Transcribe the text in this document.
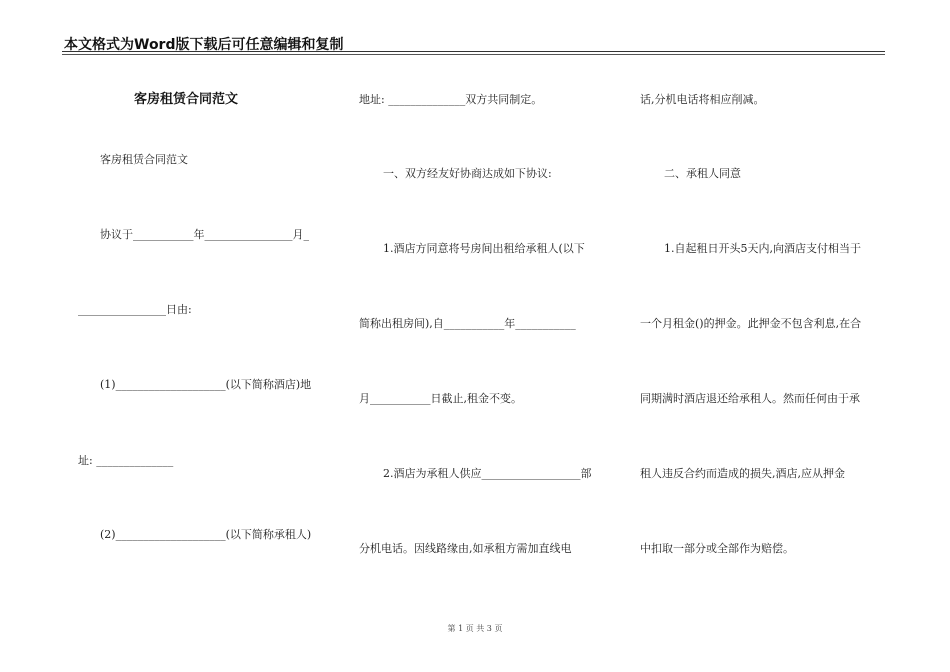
本文格式为Word版下载后可任意编辑和复制
客房租赁合同范文
客房租赁合同范文
协议于___________年________________月_
________________日由:
(1)____________________(以下简称酒店)地
址: ______________
(2)____________________(以下简称承租人)
地址: ______________双方共同制定。
一、双方经友好协商达成如下协议:
1.酒店方同意将号房间出租给承租人(以下
简称出租房间),自___________年___________
月___________日截止,租金不变。
2.酒店为承租人供应__________________部
分机电话。因线路缘由,如承租方需加直线电
话,分机电话将相应削减。
二、承租人同意
1.自起租日开头5天内,向酒店支付相当于
一个月租金()的押金。此押金不包含利息,在合
同期满时酒店退还给承租人。然而任何由于承
租人违反合约而造成的损失,酒店,应从押金
中扣取一部分或全部作为赔偿。
第 1 页 共 3 页
